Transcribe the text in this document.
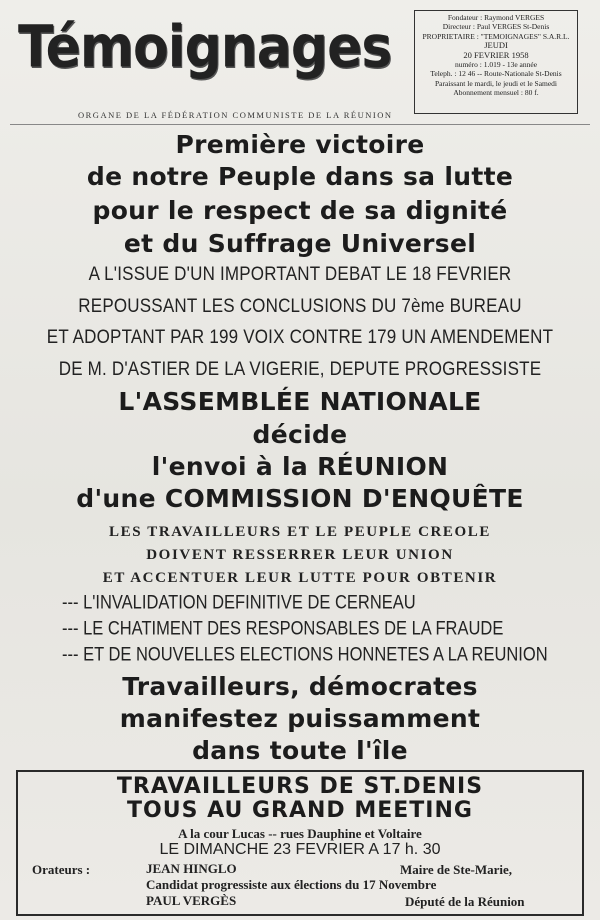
Témoignages
ORGANE DE LA FÉDÉRATION COMMUNISTE DE LA RÉUNION
Fondateur : Raymond VERGES
Directeur : Paul VERGES St-Denis
PROPRIETAIRE : "TEMOIGNAGES" S.A.R.L.
JEUDI
20 FEVRIER 1958
numéro : 1.019 - 13e année
Teleph. : 12 46 -- Route-Nationale St-Denis
Paraissant le mardi, le jeudi et le Samedi
Abonnement mensuel : 80 f.
Première victoire
de notre Peuple dans sa lutte
pour le respect de sa dignité
et du Suffrage Universel
A L'ISSUE D'UN IMPORTANT DEBAT LE 18 FEVRIER
REPOUSSANT LES CONCLUSIONS DU 7ème BUREAU
ET ADOPTANT PAR 199 VOIX CONTRE 179 UN AMENDEMENT
DE M. D'ASTIER DE LA VIGERIE, DEPUTE PROGRESSISTE
L'ASSEMBLÉE NATIONALE
décide
l'envoi à la RÉUNION
d'une COMMISSION D'ENQUÊTE
LES TRAVAILLEURS ET LE PEUPLE CREOLE
DOIVENT RESSERRER LEUR UNION
ET ACCENTUER LEUR LUTTE POUR OBTENIR
--- L'INVALIDATION DEFINITIVE DE CERNEAU
--- LE CHATIMENT DES RESPONSABLES DE LA FRAUDE
--- ET DE NOUVELLES ELECTIONS HONNETES A LA REUNION
Travailleurs, démocrates
manifestez puissamment
dans toute l'île
TRAVAILLEURS DE ST.DENIS
TOUS AU GRAND MEETING
A la cour Lucas -- rues Dauphine et Voltaire
LE DIMANCHE 23 FEVRIER A 17 h. 30
Orateurs :	JEAN HINGLO	Maire de Ste-Marie,
Candidat progressiste aux élections du 17 Novembre
PAUL VERGÈS	Député de la Réunion
